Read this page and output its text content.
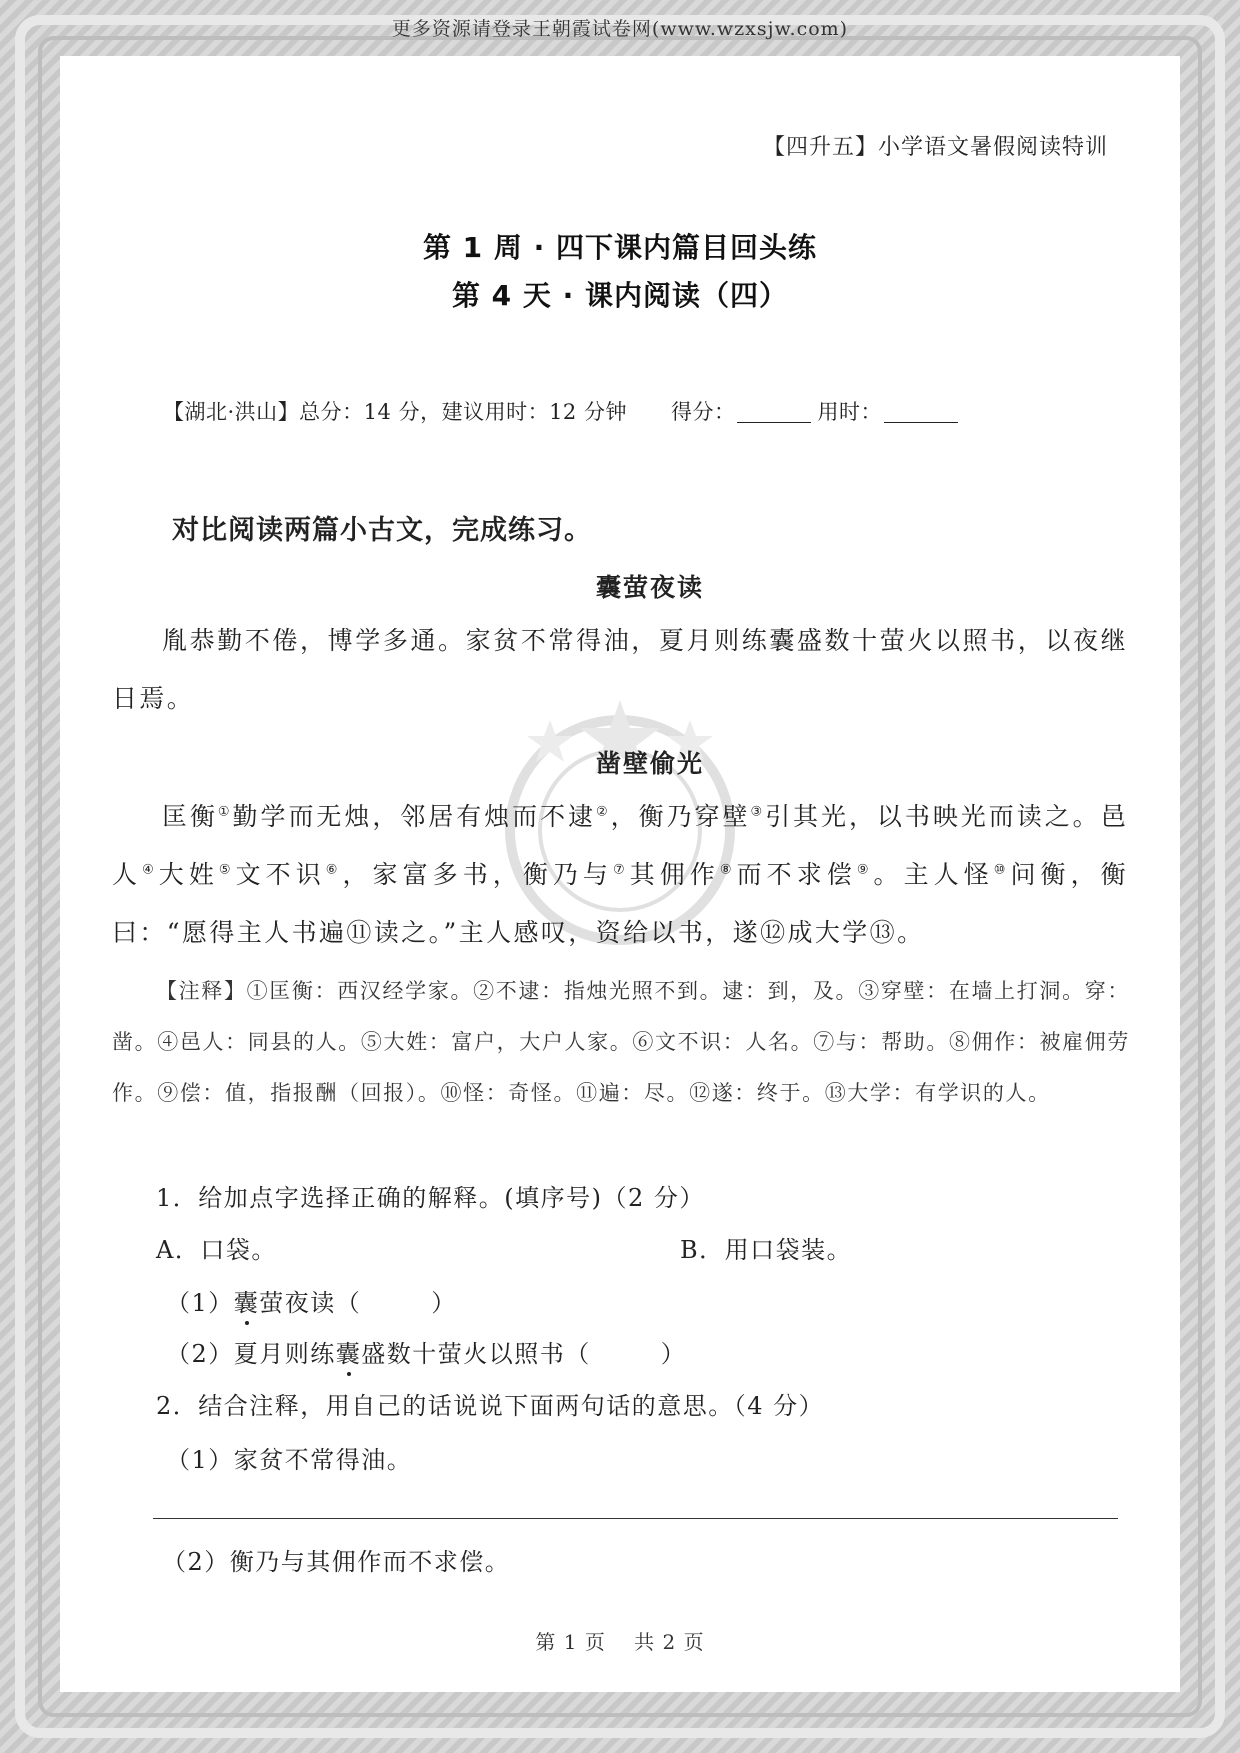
更多资源请登录王朝霞试卷网(www.wzxsjw.com)
【四升五】小学语文暑假阅读特训
第 1 周 · 四下课内篇目回头练
第 4 天 · 课内阅读（四）
【湖北·洪山】总分：14 分，建议用时：12 分钟 得分：	用时：
对比阅读两篇小古文，完成练习。
囊萤夜读
胤恭勤不倦，博学多通。家贫不常得油，夏月则练囊盛数十萤火以照书，以夜继日焉。
凿壁偷光
匡衡①勤学而无烛，邻居有烛而不逮②，衡乃穿壁③引其光，以书映光而读之。邑人④大姓⑤文不识⑥，家富多书，衡乃与⑦其佣作⑧而不求偿⑨。主人怪⑩问衡，衡曰：“愿得主人书遍⑪读之。”主人感叹，资给以书，遂⑫成大学⑬。
【注释】①匡衡：西汉经学家。②不逮：指烛光照不到。逮：到，及。③穿壁：在墙上打洞。穿：凿。④邑人：同县的人。⑤大姓：富户，大户人家。⑥文不识：人名。⑦与：帮助。⑧佣作：被雇佣劳作。⑨偿：值，指报酬（回报）。⑩怪：奇怪。⑪遍：尽。⑫遂：终于。⑬大学：有学识的人。
1．给加点字选择正确的解释。(填序号)（2 分）
A．口袋。	B．用口袋装。
（1）囊萤夜读（	）
（2）夏月则练囊盛数十萤火以照书（	）
2．结合注释，用自己的话说说下面两句话的意思。（4 分）
（1）家贫不常得油。
（2）衡乃与其佣作而不求偿。
第 1 页　 共 2 页
